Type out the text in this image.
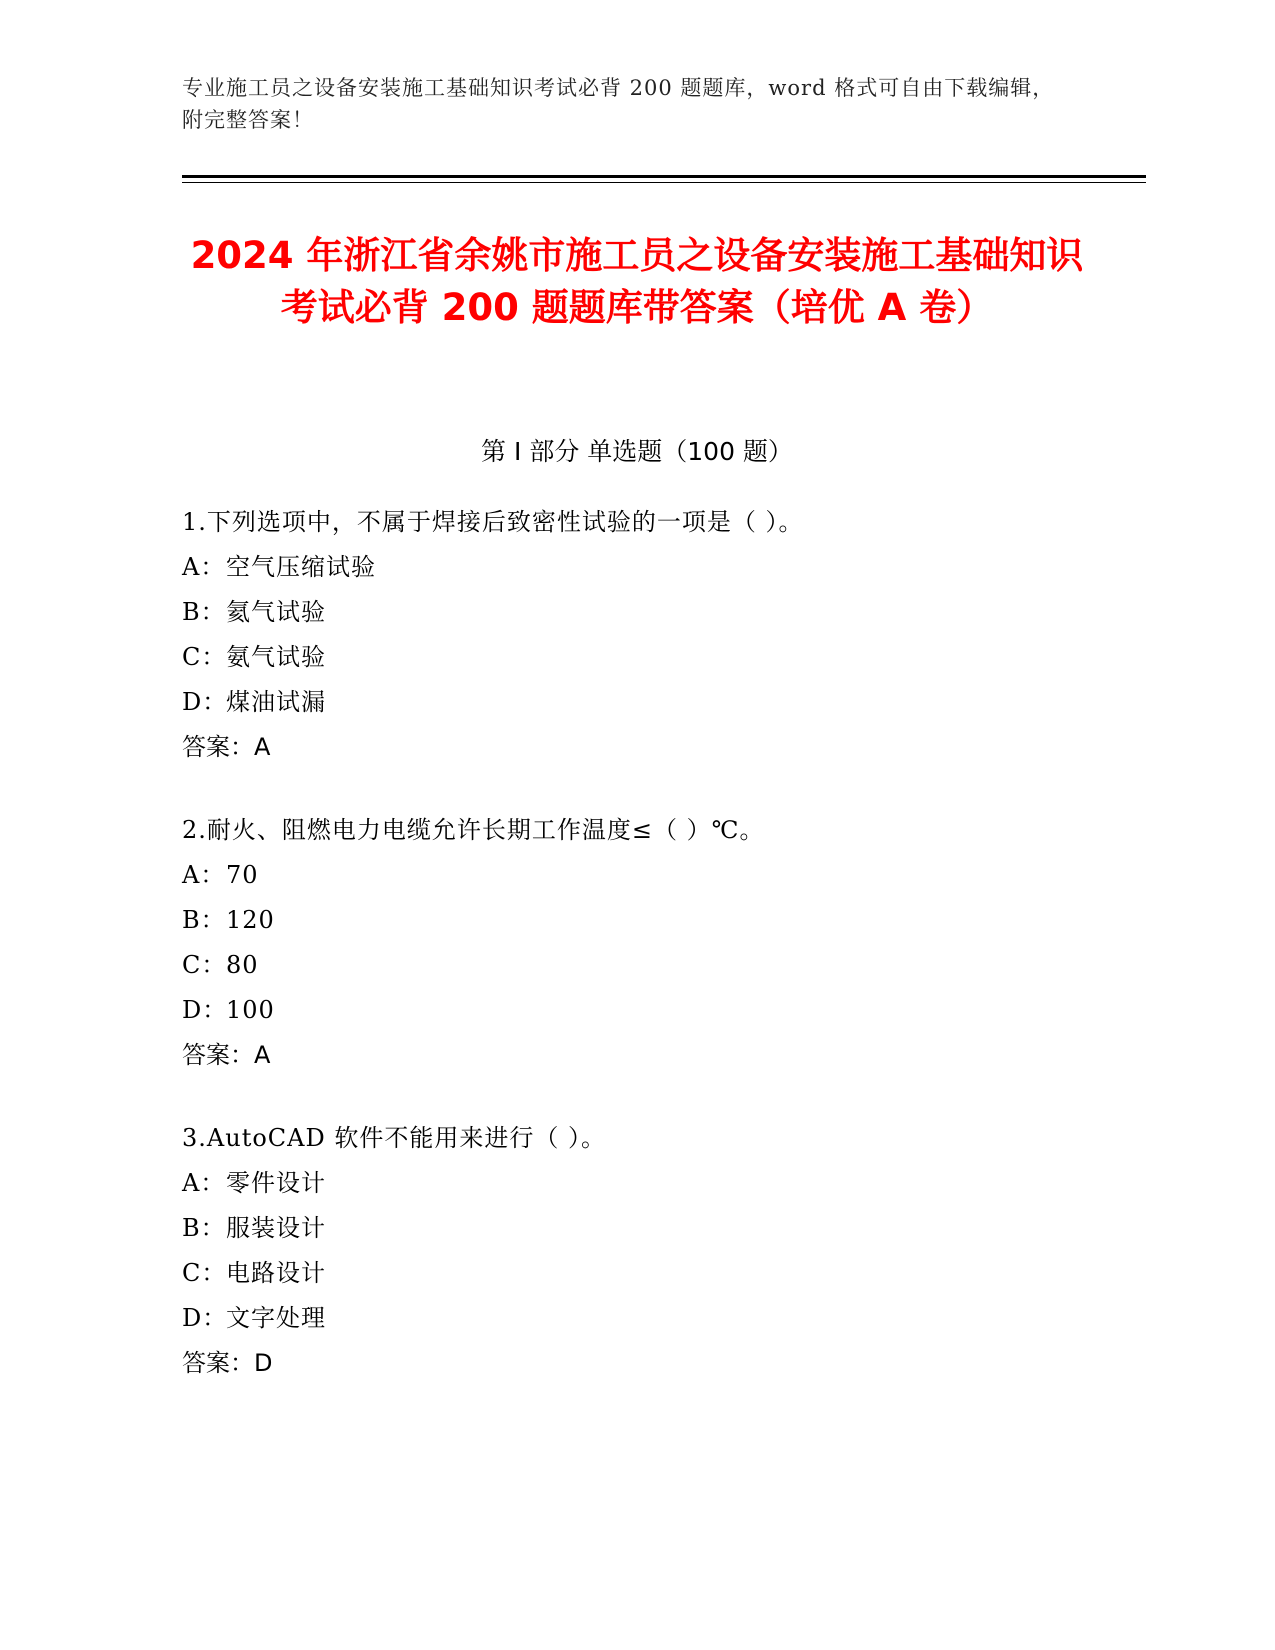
专业施工员之设备安装施工基础知识考试必背 200 题题库，word 格式可自由下载编辑，附完整答案！
2024 年浙江省余姚市施工员之设备安装施工基础知识考试必背 200 题题库带答案（培优 A 卷）
第 I 部分 单选题（100 题）
1.下列选项中，不属于焊接后致密性试验的一项是（ ）。
A：空气压缩试验
B：氦气试验
C：氨气试验
D：煤油试漏
答案：A
2.耐火、阻燃电力电缆允许长期工作温度≤（ ）℃。
A：70
B：120
C：80
D：100
答案：A
3.AutoCAD 软件不能用来进行（ ）。
A：零件设计
B：服装设计
C：电路设计
D：文字处理
答案：D
